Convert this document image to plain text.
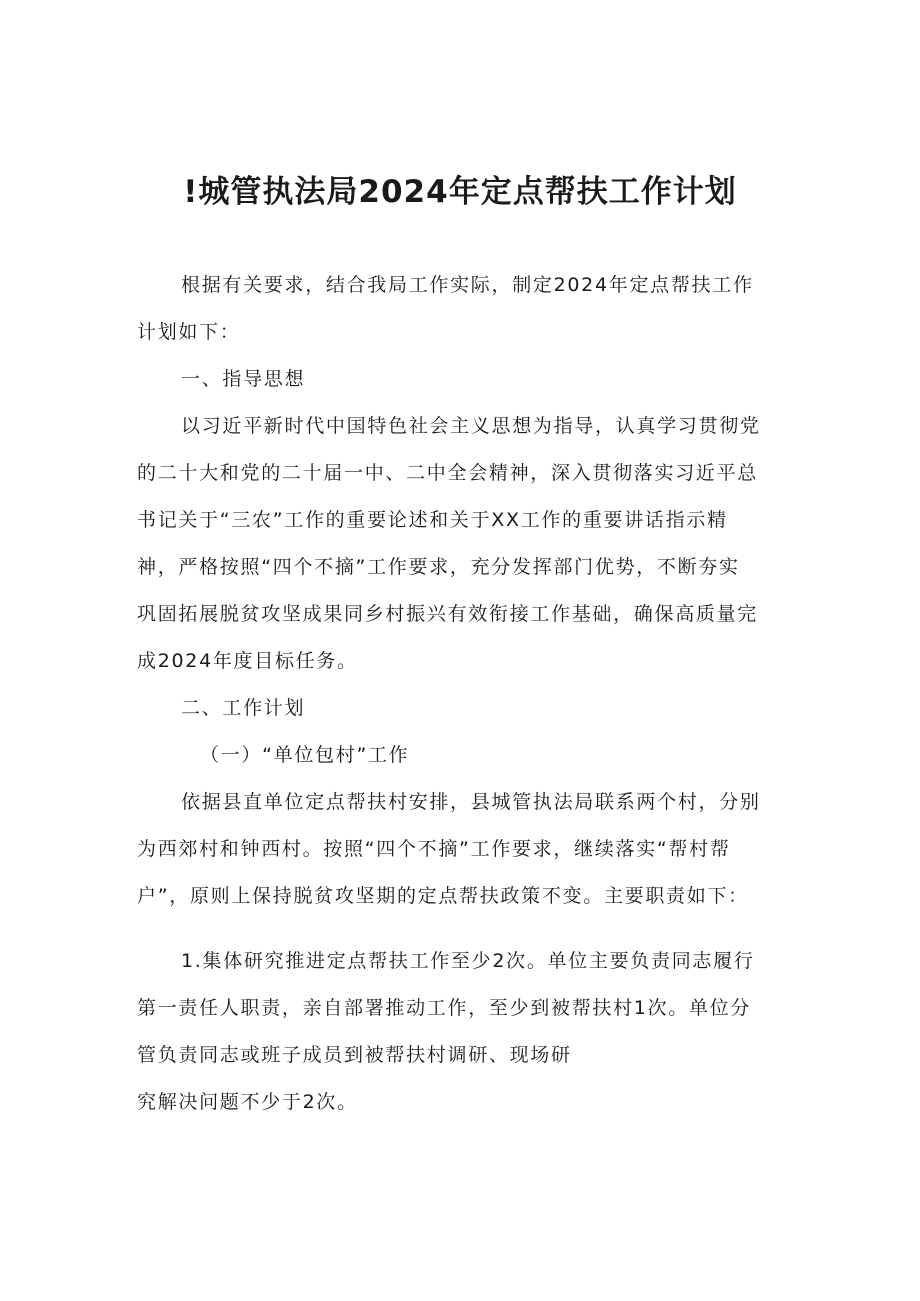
!城管执法局2024年定点帮扶工作计划
根据有关要求，结合我局工作实际，制定2024年定点帮扶工作
计划如下：
一、指导思想
以习近平新时代中国特色社会主义思想为指导，认真学习贯彻党
的二十大和党的二十届一中、二中全会精神，深入贯彻落实习近平总
书记关于“三农”工作的重要论述和关于XX工作的重要讲话指示精
神，严格按照“四个不摘”工作要求，充分发挥部门优势，不断夯实
巩固拓展脱贫攻坚成果同乡村振兴有效衔接工作基础，确保高质量完
成2024年度目标任务。
二、工作计划
（一）“单位包村”工作
依据县直单位定点帮扶村安排，县城管执法局联系两个村，分别
为西郊村和钟西村。按照“四个不摘”工作要求，继续落实“帮村帮
户”，原则上保持脱贫攻坚期的定点帮扶政策不变。主要职责如下：
1.集体研究推进定点帮扶工作至少2次。单位主要负责同志履行
第一责任人职责，亲自部署推动工作，至少到被帮扶村1次。单位分
管负责同志或班子成员到被帮扶村调研、现场研
究解决问题不少于2次。
